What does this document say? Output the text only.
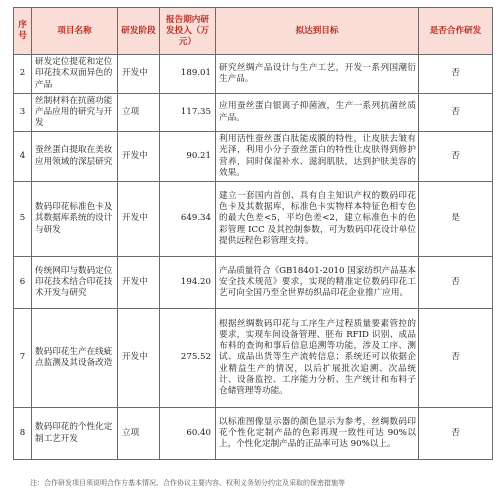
序号	项目名称	研发阶段	报告期内研发投入（万元）	拟达到目标	是否合作研发
2	研发定位提花和定位印花技术双面异色的产品	开发中	189.01	研究丝绸产品设计与生产工艺，开发一系列国潮衍生产品。	否
3	丝制材料在抗菌功能产品应用的研究与开发	立项	117.35	应用蚕丝蛋白银离子抑菌液，生产一系列抗菌丝质产品。	否
4	蚕丝蛋白提取在美妆应用领域的深层研究	开发中	90.21	利用活性蚕丝蛋白肽能成膜的特性，让皮肤去皱有光泽，利用小分子蚕丝蛋白的特性让皮肤得到修护营养，同时保湿补水、滋润肌肤，达到护肤美容的效果。	否
5	数码印花标准色卡及其数据库系统的设计与研发	开发中	649.34	建立一套国内首创、具有自主知识产权的数码印花色卡及其数据库，标准色卡实物样本特征色相专色的最大色差<5，平均色差<2，建立标准色卡的色彩管理 ICC 及其控制参数，可为数码印花设计单位提供远程色彩管理支持。	是
6	传统网印与数码定位印花技术结合印花技术开发与研究	开发中	194.20	产品质量符合《GB18401-2010 国家纺织产品基本安全技术规范》要求，实现的精准定位数码印花工艺可向全国乃至全世界纺织品印花企业推广应用。	否
7	数码印花生产在线疵点监测及其设备改造	开发中	275.52	根据丝绸数码印花与工序生产过程质量要素管控的要求，实现车间设备管理、胚布 RFID 识别、成品布料的查询和事后信息追溯等功能，涉及工序、测试、成品出货等生产流转信息；系统还可以依据企业精益生产的情况，以后扩展批次追溯、次品统计、设备监控、工序能力分析、生产统计和布料子仓储管理等功能。	否
8	数码印花的个性化定制工艺开发	立项	60.40	以标准图像显示器的颜色显示为参考，丝绸数码印花个性化定制产品的色彩再现一致性可达 90%以上，个性化定制产品的正品率可达 90%以上。	否
注：合作研发项目须说明合作方基本情况、合作协议主要内容、权利义务划分约定及采取的保密措施等
